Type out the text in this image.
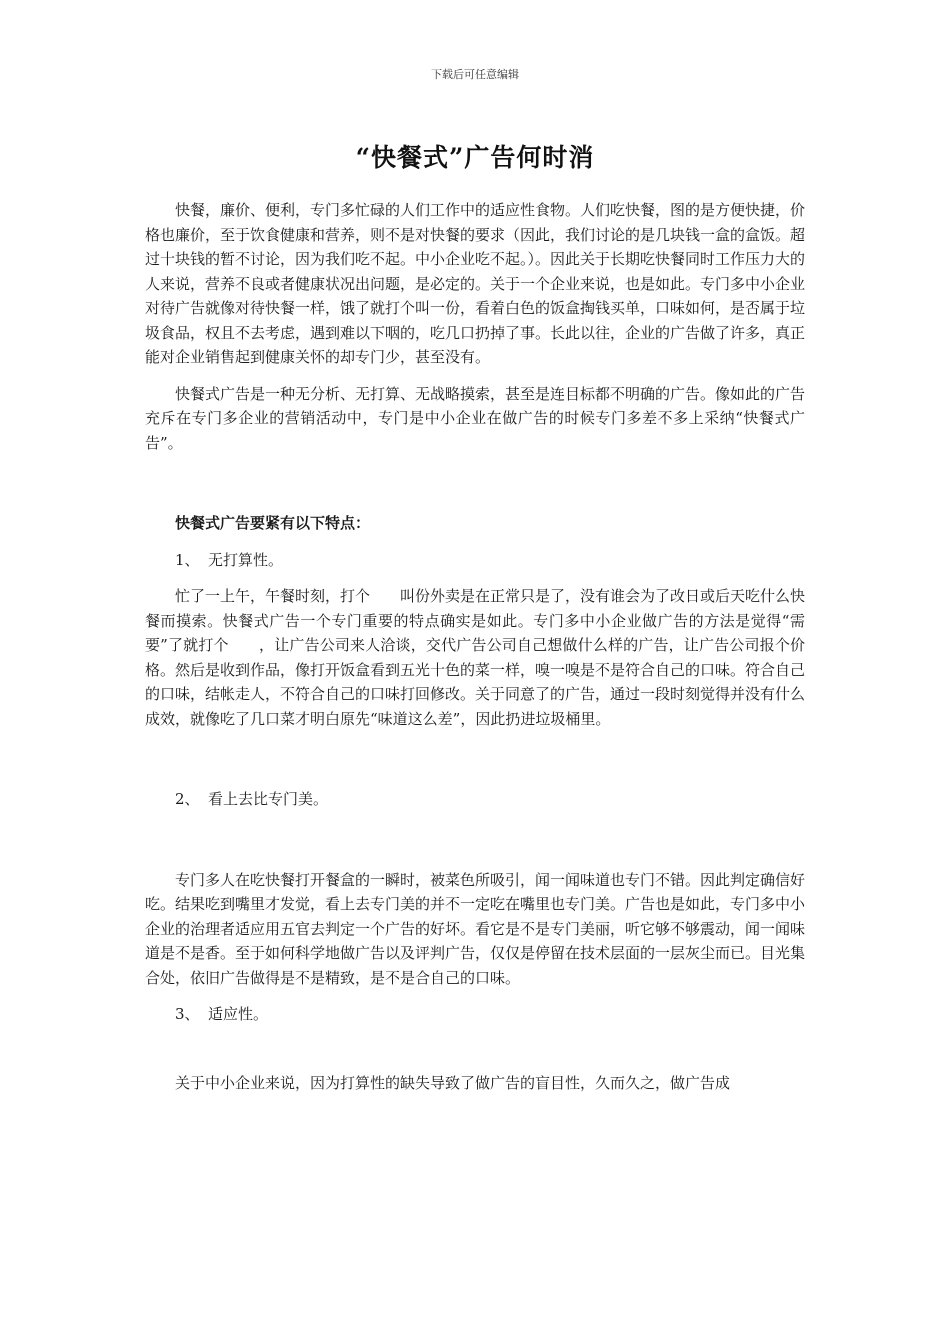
下载后可任意编辑
“快餐式”广告何时消

快餐，廉价、便利，专门多忙碌的人们工作中的适应性食物。人们吃快餐，图的是方便快捷，价格也廉价，至于饮食健康和营养，则不是对快餐的要求（因此，我们讨论的是几块钱一盒的盒饭。超过十块钱的暂不讨论，因为我们吃不起。中小企业吃不起。）。因此关于长期吃快餐同时工作压力大的人来说，营养不良或者健康状况出问题，是必定的。关于一个企业来说，也是如此。专门多中小企业对待广告就像对待快餐一样，饿了就打个叫一份，看着白色的饭盒掏钱买单，口味如何，是否属于垃圾食品，权且不去考虑，遇到难以下咽的，吃几口扔掉了事。长此以往，企业的广告做了许多，真正能对企业销售起到健康关怀的却专门少，甚至没有。

快餐式广告是一种无分析、无打算、无战略摸索，甚至是连目标都不明确的广告。像如此的广告充斥在专门多企业的营销活动中，专门是中小企业在做广告的时候专门多差不多上采纳“快餐式广告”。

快餐式广告要紧有以下特点：

1、 无打算性。

忙了一上午，午餐时刻，打个　　叫份外卖是在正常只是了，没有谁会为了改日或后天吃什么快餐而摸索。快餐式广告一个专门重要的特点确实是如此。专门多中小企业做广告的方法是觉得“需要”了就打个　　，让广告公司来人洽谈，交代广告公司自己想做什么样的广告，让广告公司报个价格。然后是收到作品，像打开饭盒看到五光十色的菜一样，嗅一嗅是不是符合自己的口味。符合自己的口味，结帐走人，不符合自己的口味打回修改。关于同意了的广告，通过一段时刻觉得并没有什么成效，就像吃了几口菜才明白原先“味道这么差”，因此扔进垃圾桶里。

2、 看上去比专门美。

专门多人在吃快餐打开餐盒的一瞬时，被菜色所吸引，闻一闻味道也专门不错。因此判定确信好吃。结果吃到嘴里才发觉，看上去专门美的并不一定吃在嘴里也专门美。广告也是如此，专门多中小企业的治理者适应用五官去判定一个广告的好坏。看它是不是专门美丽，听它够不够震动，闻一闻味道是不是香。至于如何科学地做广告以及评判广告，仅仅是停留在技术层面的一层灰尘而已。目光集合处，依旧广告做得是不是精致，是不是合自己的口味。

3、 适应性。

关于中小企业来说，因为打算性的缺失导致了做广告的盲目性，久而久之，做广告成
